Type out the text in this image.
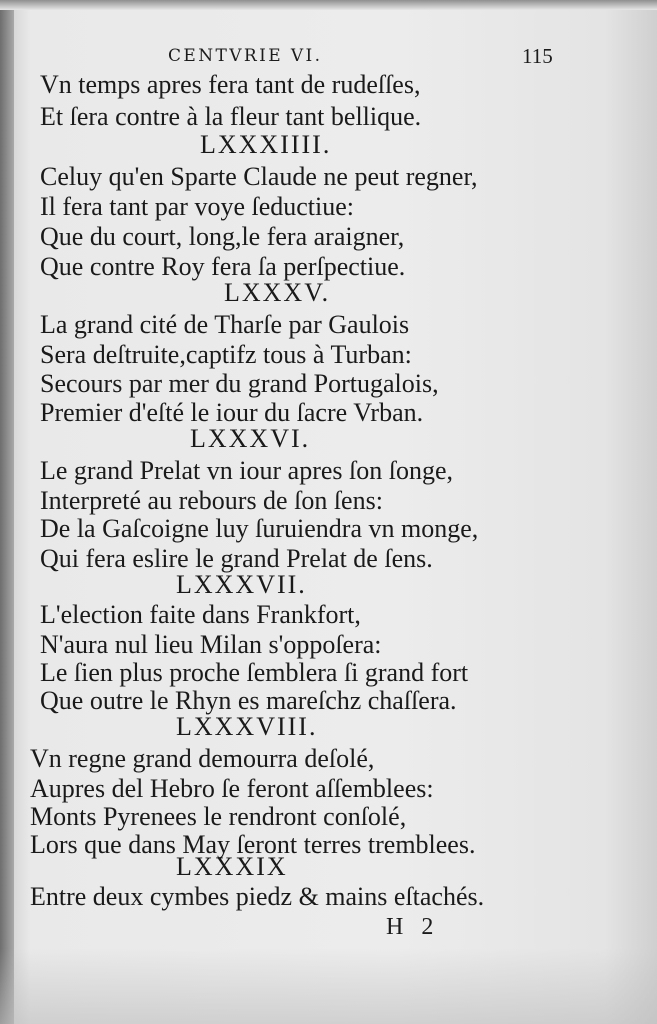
CENTVRIE VI.	115
Vn temps apres fera tant de rudeſſes,
Et ſera contre à la fleur tant bellique.
LXXXIIII.
Celuy qu'en Sparte Claude ne peut regner,
Il fera tant par voye ſeductiue:
Que du court, long,le fera araigner,
Que contre Roy fera ſa perſpectiue.
LXXXV.
La grand cité de Tharſe par Gaulois
Sera deſtruite,captifz tous à Turban:
Secours par mer du grand Portugalois,
Premier d'eſté le iour du ſacre Vrban.
LXXXVI.
Le grand Prelat vn iour apres ſon ſonge,
Interpreté au rebours de ſon ſens:
De la Gaſcoigne luy ſuruiendra vn monge,
Qui fera eslire le grand Prelat de ſens.
LXXXVII.
L'election faite dans Frankfort,
N'aura nul lieu Milan s'oppoſera:
Le ſien plus proche ſemblera ſi grand fort
Que outre le Rhyn es mareſchz chaſſera.
LXXXVIII.
Vn regne grand demourra deſolé,
Aupres del Hebro ſe feront aſſemblees:
Monts Pyrenees le rendront conſolé,
Lors que dans May ſeront terres tremblees.
LXXXIX
Entre deux cymbes piedz & mains eſtachés.
H 2
